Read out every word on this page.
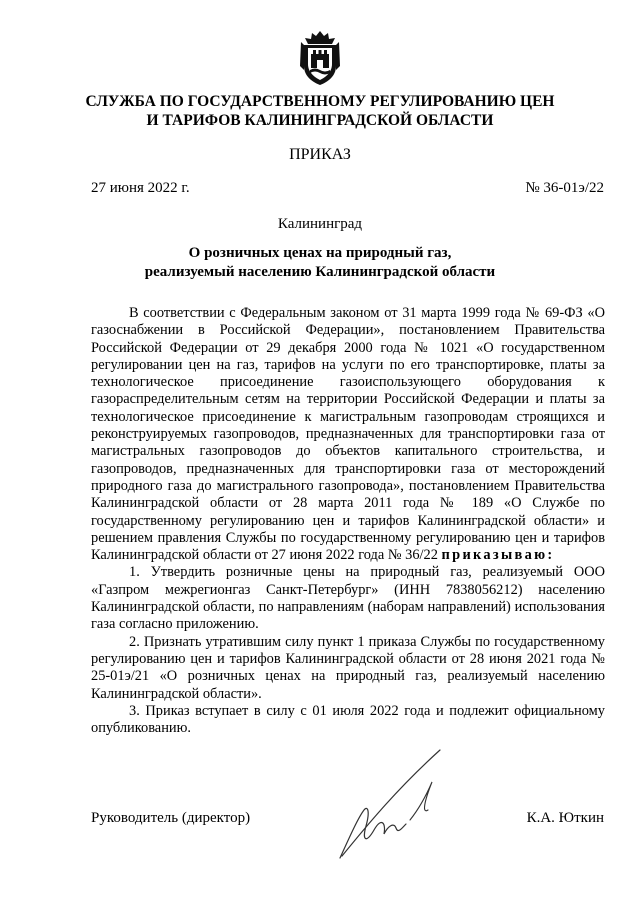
СЛУЖБА ПО ГОСУДАРСТВЕННОМУ РЕГУЛИРОВАНИЮ ЦЕН
И ТАРИФОВ КАЛИНИНГРАДСКОЙ ОБЛАСТИ
ПРИКАЗ
27 июня 2022 г.	№ 36-01э/22
Калининград
О розничных ценах на природный газ,
реализуемый населению Калининградской области

В соответствии с Федеральным законом от 31 марта 1999 года № 69-ФЗ «О газоснабжении в Российской Федерации», постановлением Правительства Российской Федерации от 29 декабря 2000 года № 1021 «О государственном регулировании цен на газ, тарифов на услуги по его транспортировке, платы за технологическое присоединение газоиспользующего оборудования к газораспределительным сетям на территории Российской Федерации и платы за технологическое присоединение к магистральным газопроводам строящихся и реконструируемых газопроводов, предназначенных для транспортировки газа от магистральных газопроводов до объектов капитального строительства, и газопроводов, предназначенных для транспортировки газа от месторождений природного газа до магистрального газопровода», постановлением Правительства Калининградской области от 28 марта 2011 года № 189 «О Службе по государственному регулированию цен и тарифов Калининградской области» и решением правления Службы по государственному регулированию цен и тарифов Калининградской области от 27 июня 2022 года № 36/22 приказываю:

1. Утвердить розничные цены на природный газ, реализуемый ООО «Газпром межрегионгаз Санкт-Петербург» (ИНН 7838056212) населению Калининградской области, по направлениям (наборам направлений) использования газа согласно приложению.

2. Признать утратившим силу пункт 1 приказа Службы по государственному регулированию цен и тарифов Калининградской области от 28 июня 2021 года № 25-01э/21 «О розничных ценах на природный газ, реализуемый населению Калининградской области».

3. Приказ вступает в силу с 01 июля 2022 года и подлежит официальному опубликованию.

Руководитель (директор)	К.А. Юткин
